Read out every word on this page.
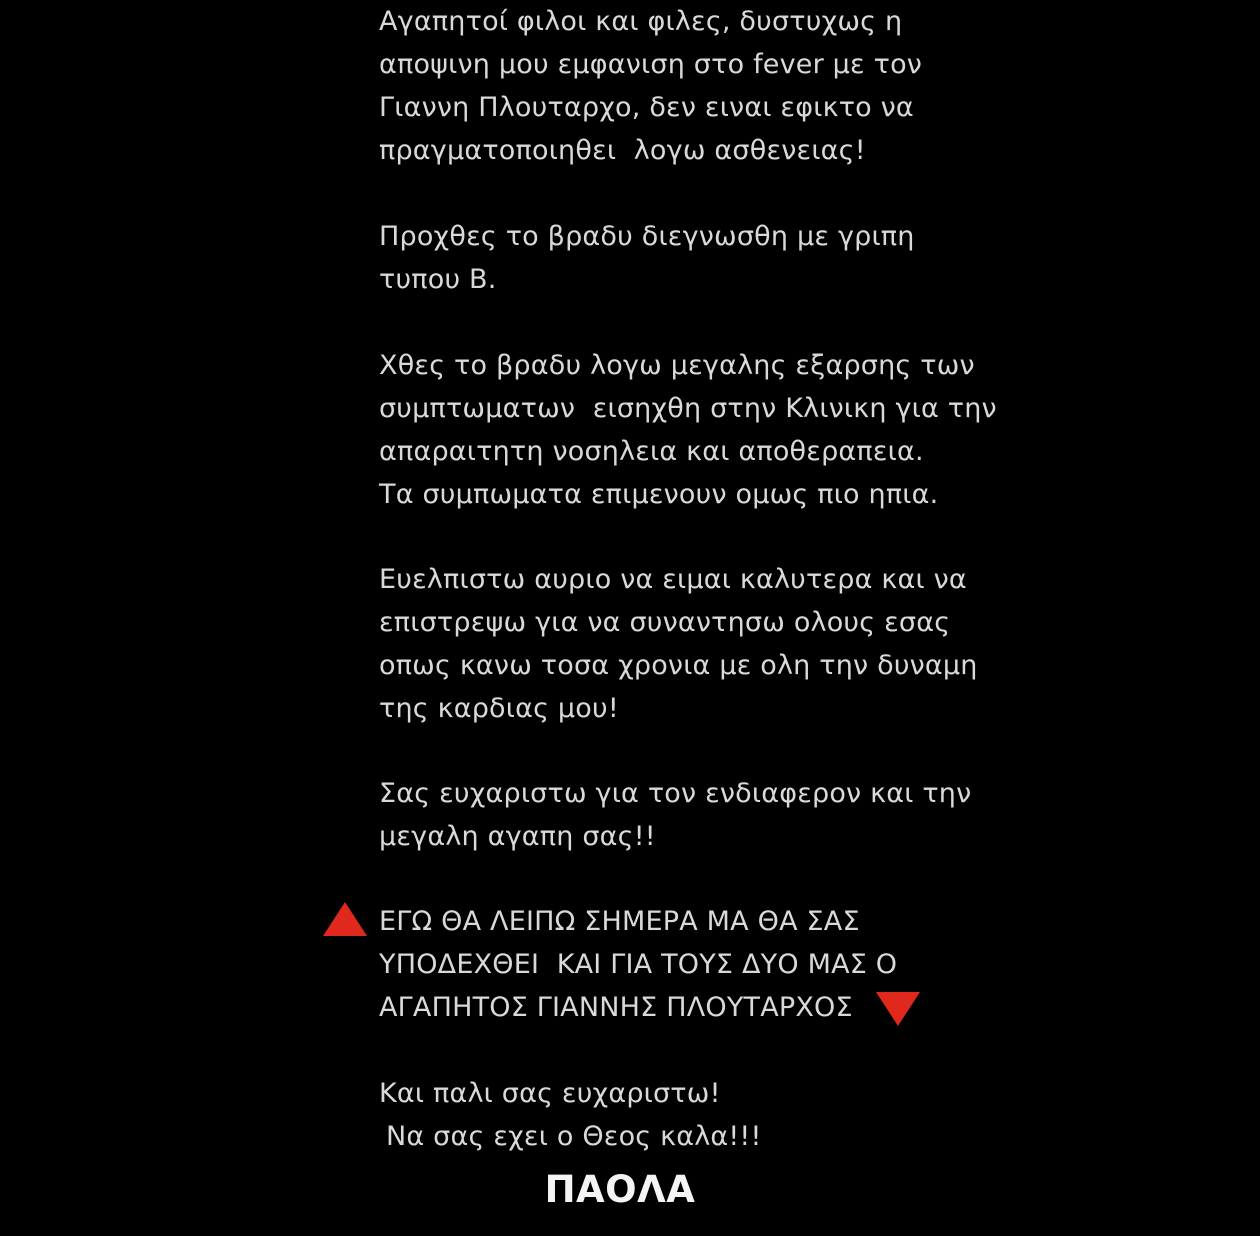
Αγαπητοί φιλοι και φιλες, δυστυχως η
αποψινη μου εμφανιση στο fever με τον
Γιαννη Πλουταρχο, δεν ειναι εφικτο να
πραγματοποιηθει  λογω ασθενειας!
Προχθες το βραδυ διεγνωσθη με γριπη
τυπου Β.
Χθες το βραδυ λογω μεγαλης εξαρσης των
συμπτωματων  εισηχθη στην Κλινικη για την
απαραιτητη νοσηλεια και αποθεραπεια.
Τα συμπωματα επιμενουν ομως πιο ηπια.
Ευελπιστω αυριο να ειμαι καλυτερα και να
επιστρεψω για να συναντησω ολους εσας
οπως κανω τοσα χρονια με ολη την δυναμη
της καρδιας μου!
Σας ευχαριστω για τον ενδιαφερον και την
μεγαλη αγαπη σας!!
ΕΓΩ ΘΑ ΛΕΙΠΩ ΣΗΜΕΡΑ ΜΑ ΘΑ ΣΑΣ
ΥΠΟΔΕΧΘΕΙ  ΚΑΙ ΓΙΑ ΤΟΥΣ ΔΥΟ ΜΑΣ Ο
ΑΓΑΠΗΤΟΣ ΓΙΑΝΝΗΣ ΠΛΟΥΤΑΡΧΟΣ
Και παλι σας ευχαριστω!
Να σας εχει ο Θεος καλα!!!
ΠΑΟΛΑ
